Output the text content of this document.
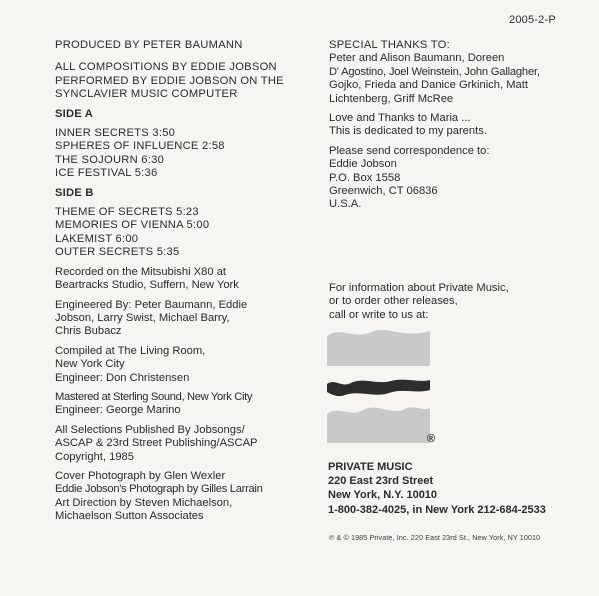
2005-2-P
PRODUCED BY PETER BAUMANN
ALL COMPOSITIONS BY EDDIE JOBSON
PERFORMED BY EDDIE JOBSON ON THE
SYNCLAVIER MUSIC COMPUTER
SIDE A
INNER SECRETS 3:50
SPHERES OF INFLUENCE 2:58
THE SOJOURN 6:30
ICE FESTIVAL 5:36
SIDE B
THEME OF SECRETS 5:23
MEMORIES OF VIENNA 5:00
LAKEMIST 6:00
OUTER SECRETS 5:35
Recorded on the Mitsubishi X80 at
Beartracks Studio, Suffern, New York
Engineered By: Peter Baumann, Eddie
Jobson, Larry Swist, Michael Barry,
Chris Bubacz
Compiled at The Living Room,
New York City
Engineer: Don Christensen
Mastered at Sterling Sound, New York City
Engineer: George Marino
All Selections Published By Jobsongs/
ASCAP & 23rd Street Publishing/ASCAP
Copyright, 1985
Cover Photograph by Glen Wexler
Eddie Jobson's Photograph by Gilles Larrain
Art Direction by Steven Michaelson,
Michaelson Sutton Associates
SPECIAL THANKS TO:
Peter and Alison Baumann, Doreen
D' Agostino, Joel Weinstein, John Gallagher,
Gojko, Frieda and Danice Grkinich, Matt
Lichtenberg, Griff McRee
Love and Thanks to Maria ...
This is dedicated to my parents.
Please send correspondence to:
Eddie Jobson
P.O. Box 1558
Greenwich, CT 06836
U.S.A.
For information about Private Music,
or to order other releases,
call or write to us at:
®
PRIVATE MUSIC
220 East 23rd Street
New York, N.Y. 10010
1-800-382-4025, in New York 212-684-2533
℗ & © 1985 Private, Inc. 220 East 23rd St., New York, NY 10010
